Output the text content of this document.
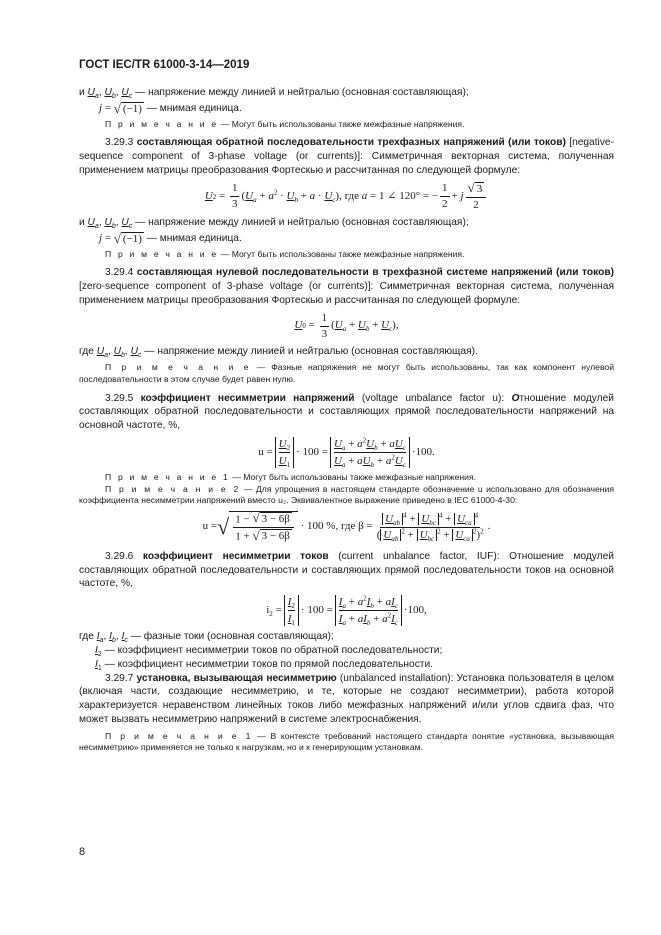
ГОСТ IEC/TR 61000-3-14—2019

и $U_a$, $U_b$, $U_c$ — напряжение между линией и нейтралью (основная составляющая);

j
=
√ (−1)
— мнимая единица.

П р и м е ч а н и е — Могут быть использованы также межфазные напряжения.

3.29.3 составляющая обратной последовательности трехфазных напряжений (или токов) [negative-sequence component of 3-phase voltage (or currents)]: Симметричная векторная система, полученная применением матрицы преобразования Фортескью и рассчитанная по следующей формуле:

U $2 = \frac{1}{3} (U_a + a^2 \cdot U_b + a \cdot U_c)$ , где a = 1 ∠ 120° = − $\frac{1}{2} + j \frac{√ 3}{2}$

и $U_a$, $U_b$, $U_c$ — напряжение между линией и нейтралью (основная составляющая);

j
=
√ (−1)
— мнимая единица.

П р и м е ч а н и е — Могут быть использованы также межфазные напряжения.

3.29.4 составляющая нулевой последовательности в трехфазной системе напряжений (или токов) [zero-sequence component of 3-phase voltage (or currents)]: Симметричная векторная система, полученная применением матрицы преобразования Фортескью и рассчитанная по следующей формуле:

U $0 = \frac{1}{3} (U_a + U_b + U_c)$ ,

где $U_a$, $U_b$, $U_c$ — напряжение между линией и нейтралью (основная составляющая).

П р и м е ч а н и е — Фазные напряжения не могут быть использованы, так как компонент нулевой последовательности в этом случае будет равен нулю.

3.29.5 коэффициент несимметрии напряжений (voltage unbalance factor u): Отношение модулей составляющих обратной последовательности и составляющих прямой последовательности напряжений на основной частоте, %,

$u = \frac{U_2}{U_1} \cdot 100 = \frac{U_a + a^2U_b + aU_c}{U_a + aU_b + a^2U_c} \cdot 100$.

П р и м е ч а н и е 1 — Могут быть использованы также межфазные напряжения.

П р и м е ч а н и е 2 — Для упрощения в настоящем стандарте обозначение u использовано для обозначения коэффициента несимметрии напряжений вместо u₂. Эквивалентное выражение приведено в IEC 61000-4-30:

u = √ $\frac{1 - √ 3 - 6\beta}{1 + √ 3 - 6\beta} \cdot 100$ % , где $\beta = \frac{U_{ab}^4 + U_{bc}^4 + U_{ca}^4}{( U_{ab}^2 + U_{bc}^2 + U_{ca}^2)^2}$ .

3.29.6 коэффициент несимметрии токов (current unbalance factor, IUF): Отношение модулей составляющих обратной последовательности и составляющих прямой последовательности токов на основной частоте, %,

$i_2 = \frac{I_2}{I_1} \cdot 100 = \frac{I_a + a^2I_b + aI_c}{I_a + aI_b + a^2I_c} \cdot 100$,

где $I_a$, $I_b$, $I_c$ — фазные токи (основная составляющая);

$I_2$ — коэффициент несимметрии токов по обратной последовательности;

$I_1$ — коэффициент несимметрии токов по прямой последовательности.

3.29.7 установка, вызывающая несимметрию (unbalanced installation): Установка пользователя в целом (включая части, создающие несимметрию, и те, которые не создают несимметрии), работа которой характеризуется неравенством линейных токов либо межфазных напряжений и/или углов сдвига фаз, что может вызвать несимметрию напряжений в системе электроснабжения.

П р и м е ч а н и е 1 — В контексте требований настоящего стандарта понятие «установка, вызывающая несимметрию» применяется не только к нагрузкам, но и к генерирующим установкам.

8
